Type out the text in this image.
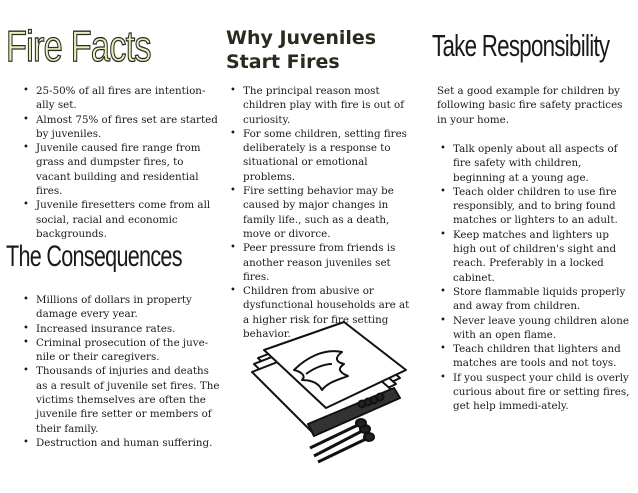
Fire Facts
• 25-50% of all fires are intention-ally set.
• Almost 75% of fires set are started by juveniles.
• Juvenile caused fire range from grass and dumpster fires, to vacant building and residential fires.
• Juvenile firesetters come from all social, racial and economic backgrounds.
The Consequences
• Millions of dollars in property damage every year.
• Increased insurance rates.
• Criminal prosecution of the juve-nile or their caregivers.
• Thousands of injuries and deaths as a result of juvenile set fires. The victims themselves are often the juvenile fire setter or members of their family.
• Destruction and human suffering.
Why Juveniles
Start Fires
• The principal reason most children play with fire is out of curiosity.
• For some children, setting fires deliberately is a response to situational or emotional problems.
• Fire setting behavior may be caused by major changes in family life., such as a death, move or divorce.
• Peer pressure from friends is another reason juveniles set fires.
• Children from abusive or dysfunctional households are at a higher risk for fire setting behavior.
Take Responsibility
Set a good example for children by following basic fire safety practices in your home.
• Talk openly about all aspects of fire safety with children, beginning at a young age.
• Teach older children to use fire responsibly, and to bring found matches or lighters to an adult.
• Keep matches and lighters up high out of children's sight and reach. Preferably in a locked cabinet.
• Store flammable liquids properly and away from children.
• Never leave young children alone with an open flame.
• Teach children that lighters and matches are tools and not toys.
• If you suspect your child is overly curious about fire or setting fires, get help immedi-ately.
